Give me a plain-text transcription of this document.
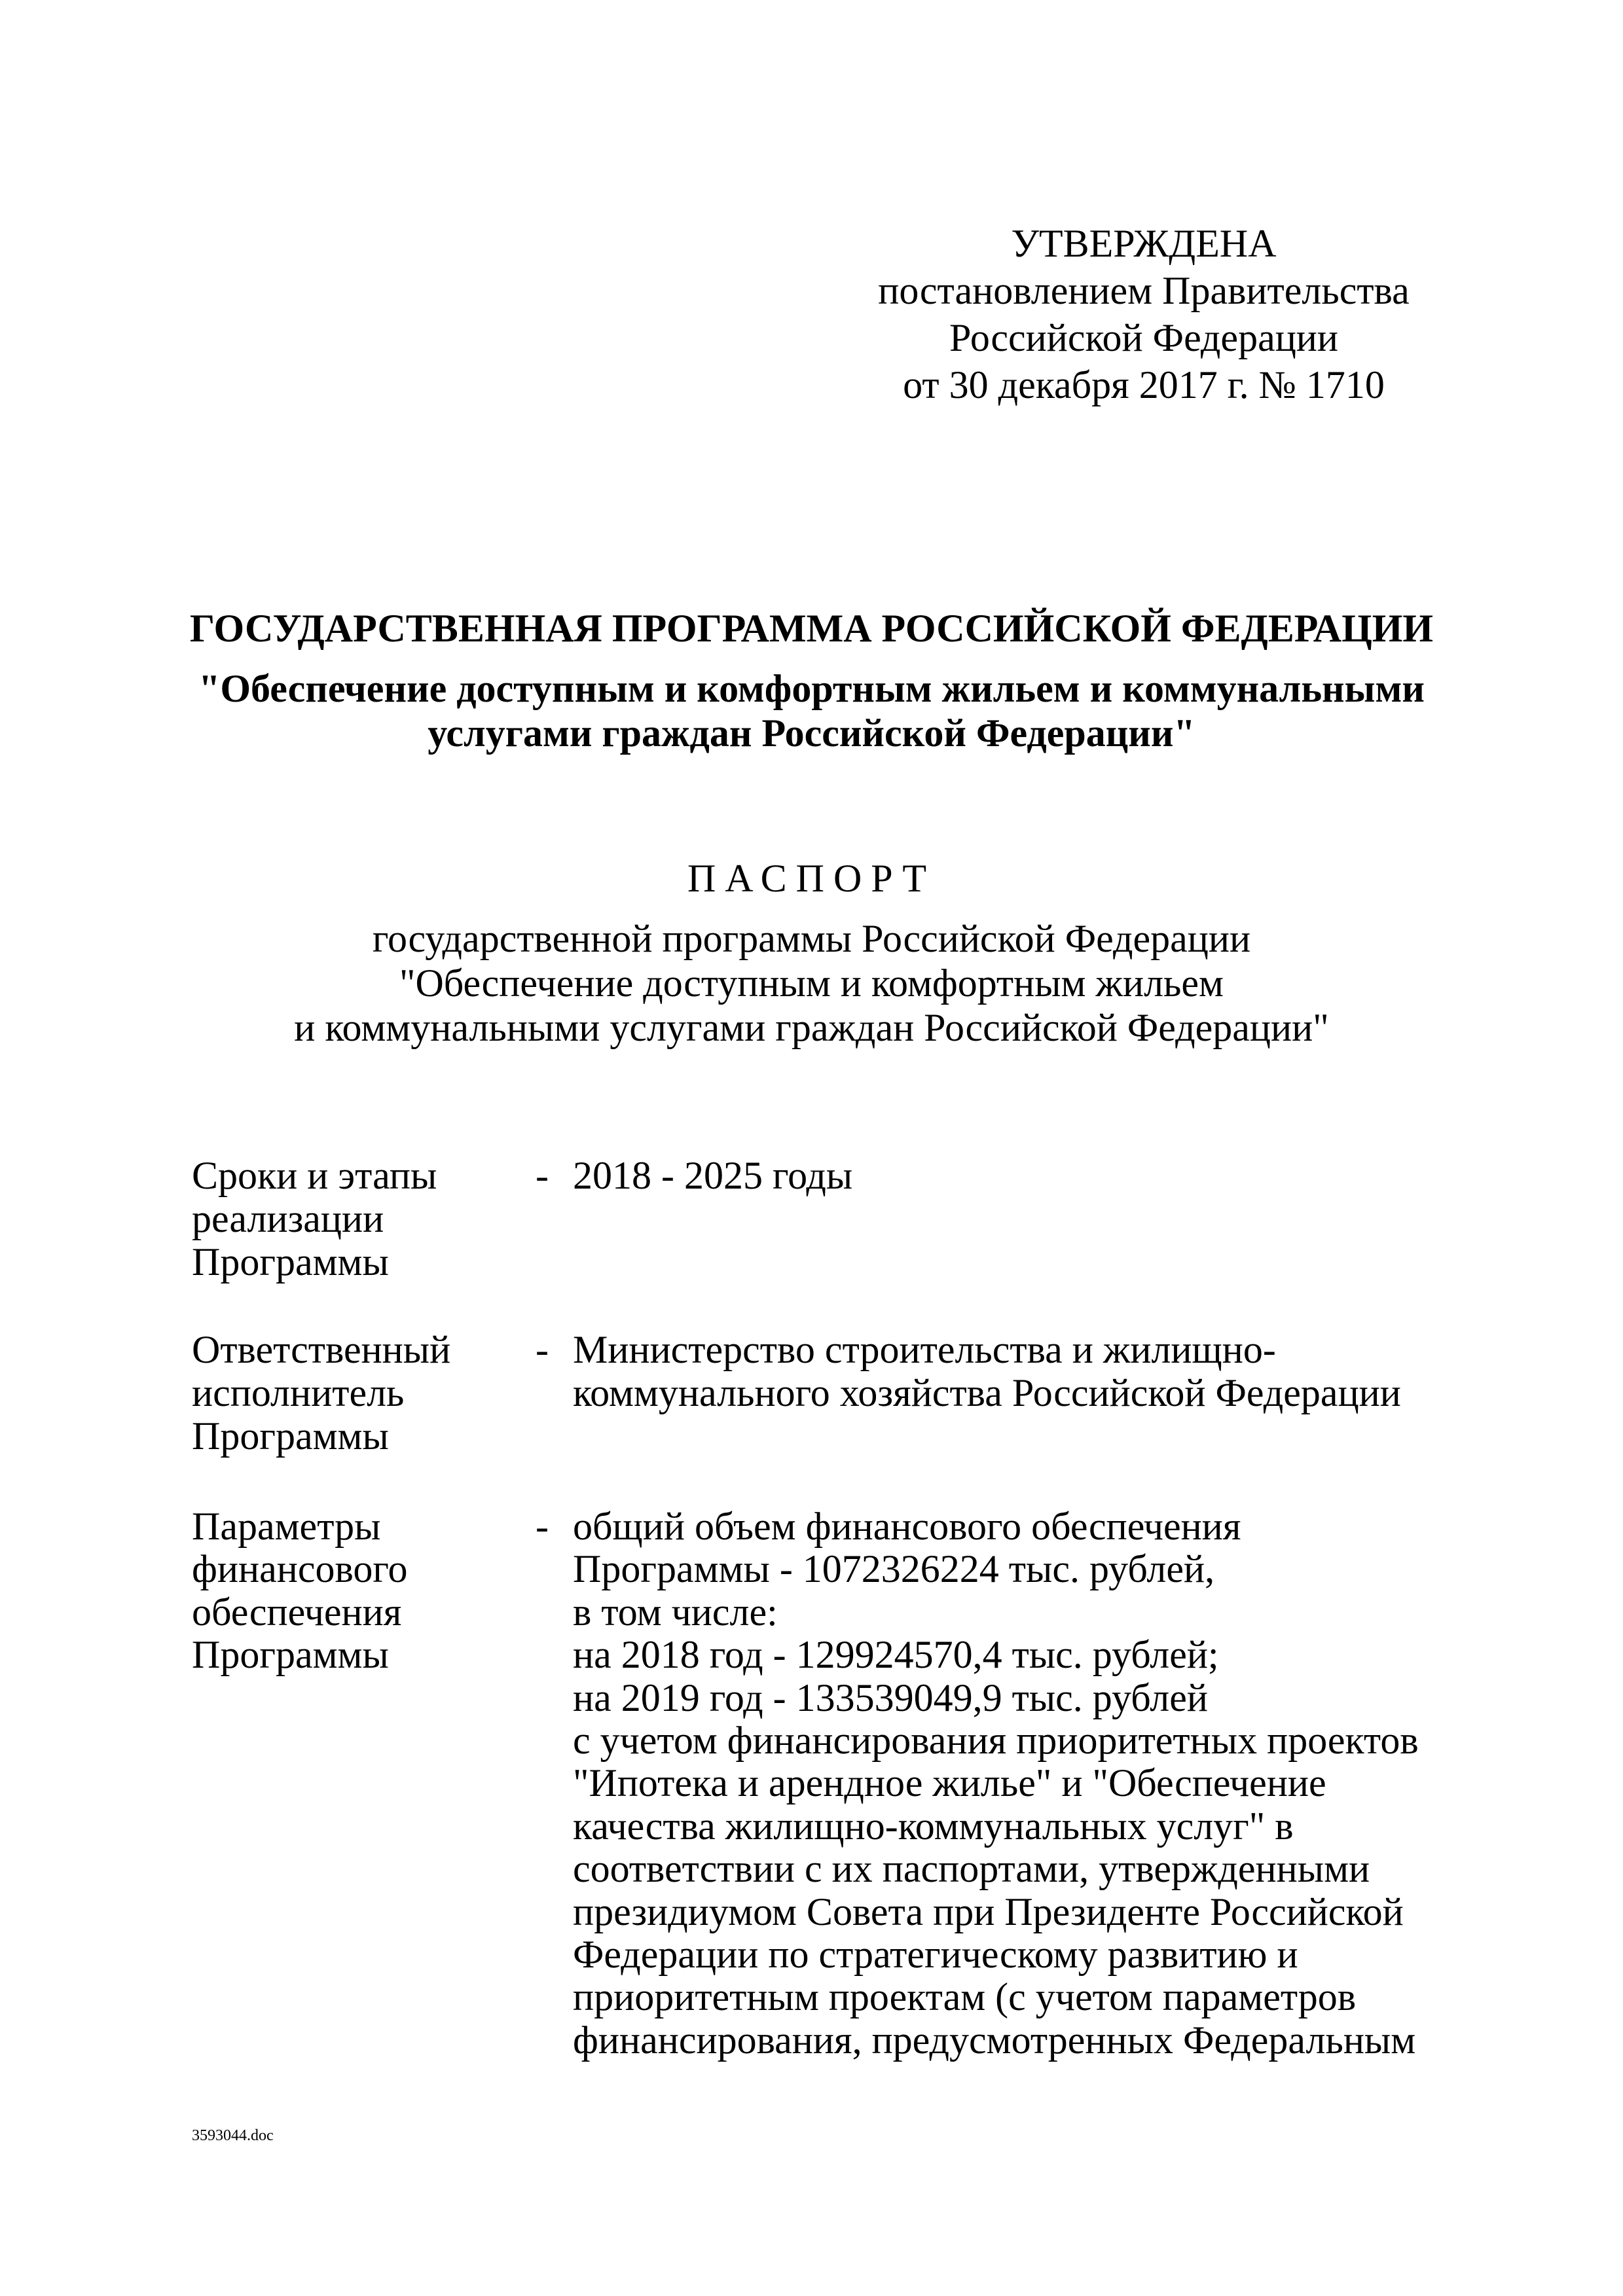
УТВЕРЖДЕНА
постановлением Правительства
Российской Федерации
от 30 декабря 2017 г. № 1710
ГОСУДАРСТВЕННАЯ ПРОГРАММА РОССИЙСКОЙ ФЕДЕРАЦИИ
"Обеспечение доступным и комфортным жильем и коммунальными
услугами граждан Российской Федерации"
ПАСПОРТ
государственной программы Российской Федерации
"Обеспечение доступным и комфортным жильем
и коммунальными услугами граждан Российской Федерации"
Сроки и этапы
реализации
Программы
- 2018 - 2025 годы
Ответственный
исполнитель
Программы
- Министерство строительства и жилищно-
коммунального хозяйства Российской Федерации
Параметры
финансового
обеспечения
Программы
- общий объем финансового обеспечения
Программы - 1072326224 тыс. рублей,
в том числе:
на 2018 год - 129924570,4 тыс. рублей;
на 2019 год - 133539049,9 тыс. рублей
с учетом финансирования приоритетных проектов
"Ипотека и арендное жилье" и "Обеспечение
качества жилищно-коммунальных услуг" в
соответствии с их паспортами, утвержденными
президиумом Совета при Президенте Российской
Федерации по стратегическому развитию и
приоритетным проектам (с учетом параметров
финансирования, предусмотренных Федеральным
3593044.doc
